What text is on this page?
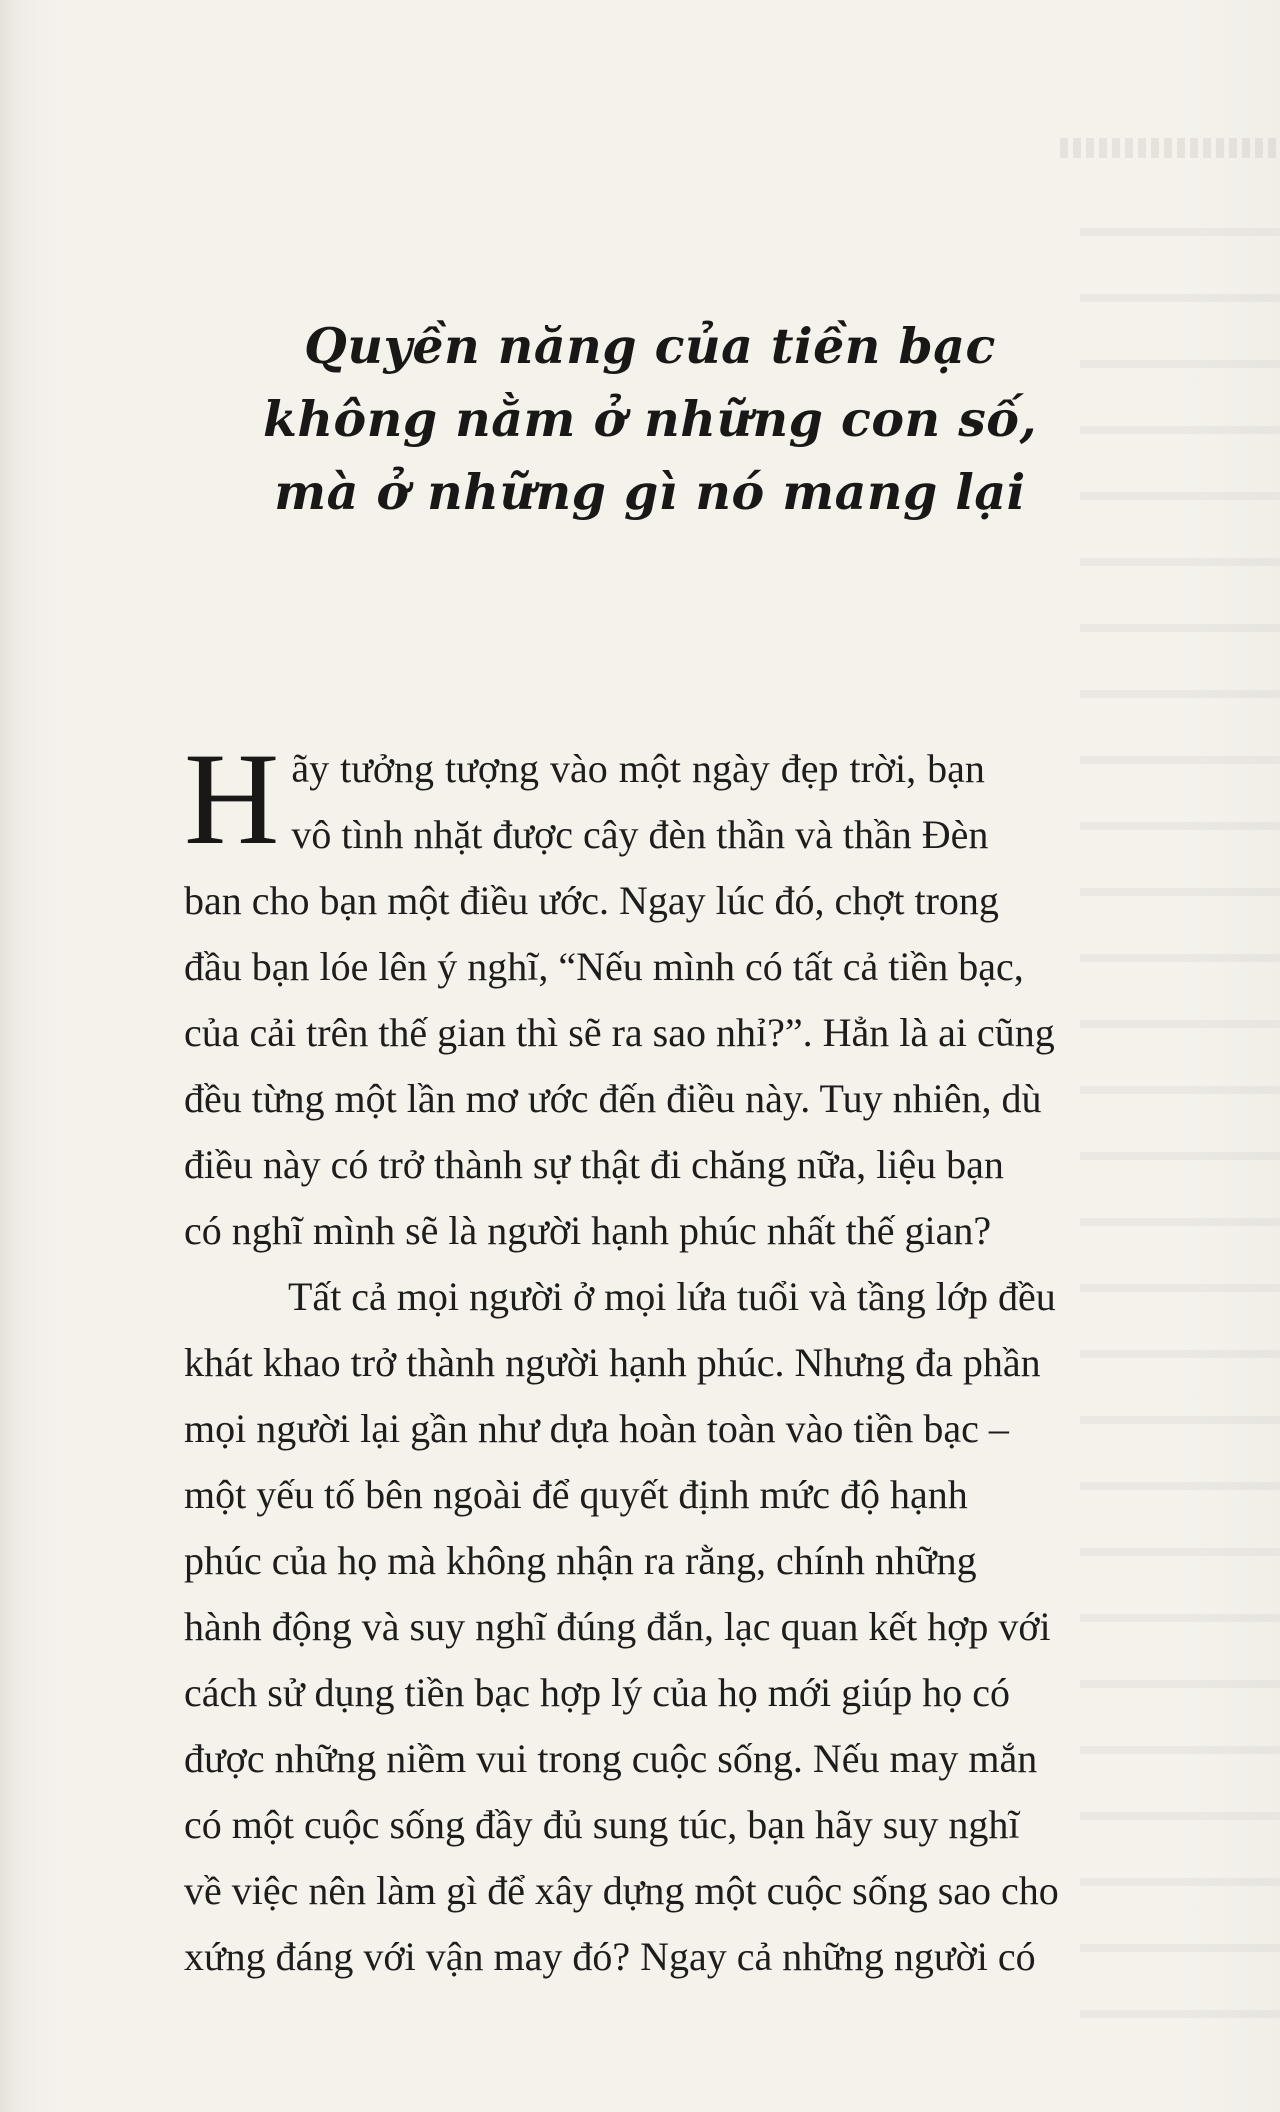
Quyền năng của tiền bạc
không nằm ở những con số,
mà ở những gì nó mang lại

H ãy tưởng tượng vào một ngày đẹp trời, bạn
vô tình nhặt được cây đèn thần và thần Đèn
ban cho bạn một điều ước. Ngay lúc đó, chợt trong
đầu bạn lóe lên ý nghĩ, “Nếu mình có tất cả tiền bạc,
của cải trên thế gian thì sẽ ra sao nhỉ?”. Hẳn là ai cũng
đều từng một lần mơ ước đến điều này. Tuy nhiên, dù
điều này có trở thành sự thật đi chăng nữa, liệu bạn
có nghĩ mình sẽ là người hạnh phúc nhất thế gian?

Tất cả mọi người ở mọi lứa tuổi và tầng lớp đều
khát khao trở thành người hạnh phúc. Nhưng đa phần
mọi người lại gần như dựa hoàn toàn vào tiền bạc –
một yếu tố bên ngoài để quyết định mức độ hạnh
phúc của họ mà không nhận ra rằng, chính những
hành động và suy nghĩ đúng đắn, lạc quan kết hợp với
cách sử dụng tiền bạc hợp lý của họ mới giúp họ có
được những niềm vui trong cuộc sống. Nếu may mắn
có một cuộc sống đầy đủ sung túc, bạn hãy suy nghĩ
về việc nên làm gì để xây dựng một cuộc sống sao cho
xứng đáng với vận may đó? Ngay cả những người có
